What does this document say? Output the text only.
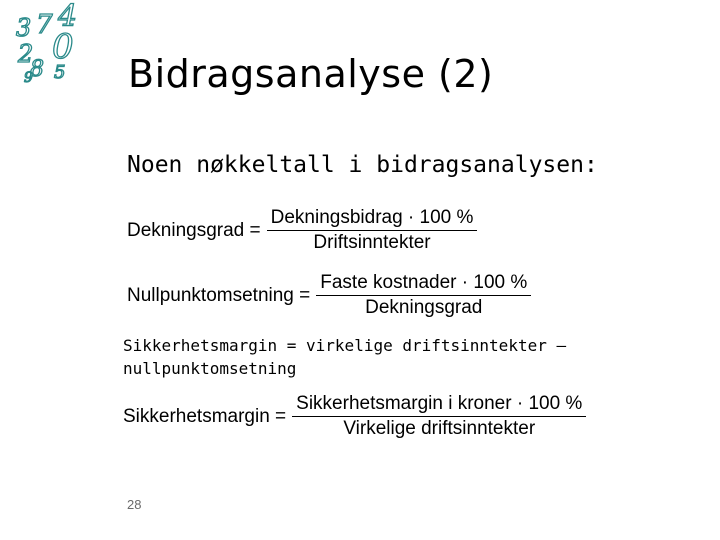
3 7 4
2 0
8
9 5 Bidragsanalyse (2)
Noen nøkkeltall i bidragsanalysen:
Dekningsgrad = $\frac{\text{Dekningsbidrag · 100 \%}}{\text{Driftsinntekter}}$
Nullpunktomsetning = $\frac{\text{Faste kostnader · 100 \%}}{\text{Dekningsgrad}}$
Sikkerhetsmargin = virkelige driftsinntekter – nullpunktomsetning
Sikkerhetsmargin = $\frac{\text{Sikkerhetsmargin i kroner · 100 \%}}{\text{Virkelige driftsinntekter}}$
28
